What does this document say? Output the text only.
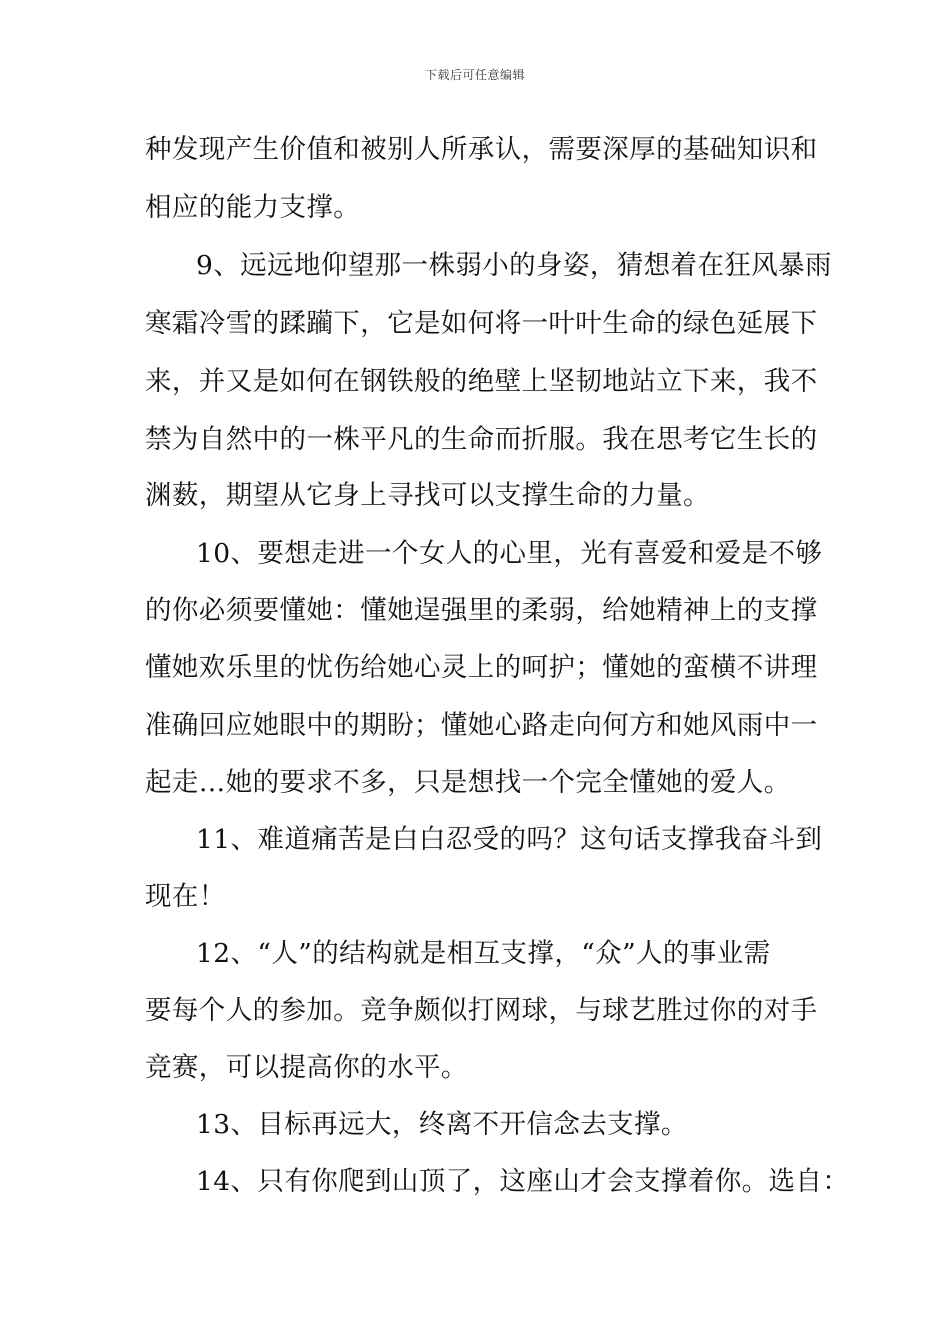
下载后可任意编辑
种发现产生价值和被别人所承认，需要深厚的基础知识和
相应的能力支撑。
9、远远地仰望那一株弱小的身姿，猜想着在狂风暴雨
寒霜冷雪的蹂躏下，它是如何将一叶叶生命的绿色延展下
来，并又是如何在钢铁般的绝壁上坚韧地站立下来，我不
禁为自然中的一株平凡的生命而折服。我在思考它生长的
渊薮，期望从它身上寻找可以支撑生命的力量。
10、要想走进一个女人的心里，光有喜爱和爱是不够
的你必须要懂她：懂她逞强里的柔弱，给她精神上的支撑
懂她欢乐里的忧伤给她心灵上的呵护；懂她的蛮横不讲理
准确回应她眼中的期盼；懂她心路走向何方和她风雨中一
起走…她的要求不多，只是想找一个完全懂她的爱人。
11、难道痛苦是白白忍受的吗？这句话支撑我奋斗到
现在！
12、“人”的结构就是相互支撑，“众”人的事业需
要每个人的参加。竞争颇似打网球，与球艺胜过你的对手
竞赛，可以提高你的水平。
13、目标再远大，终离不开信念去支撑。
14、只有你爬到山顶了，这座山才会支撑着你。选自：
